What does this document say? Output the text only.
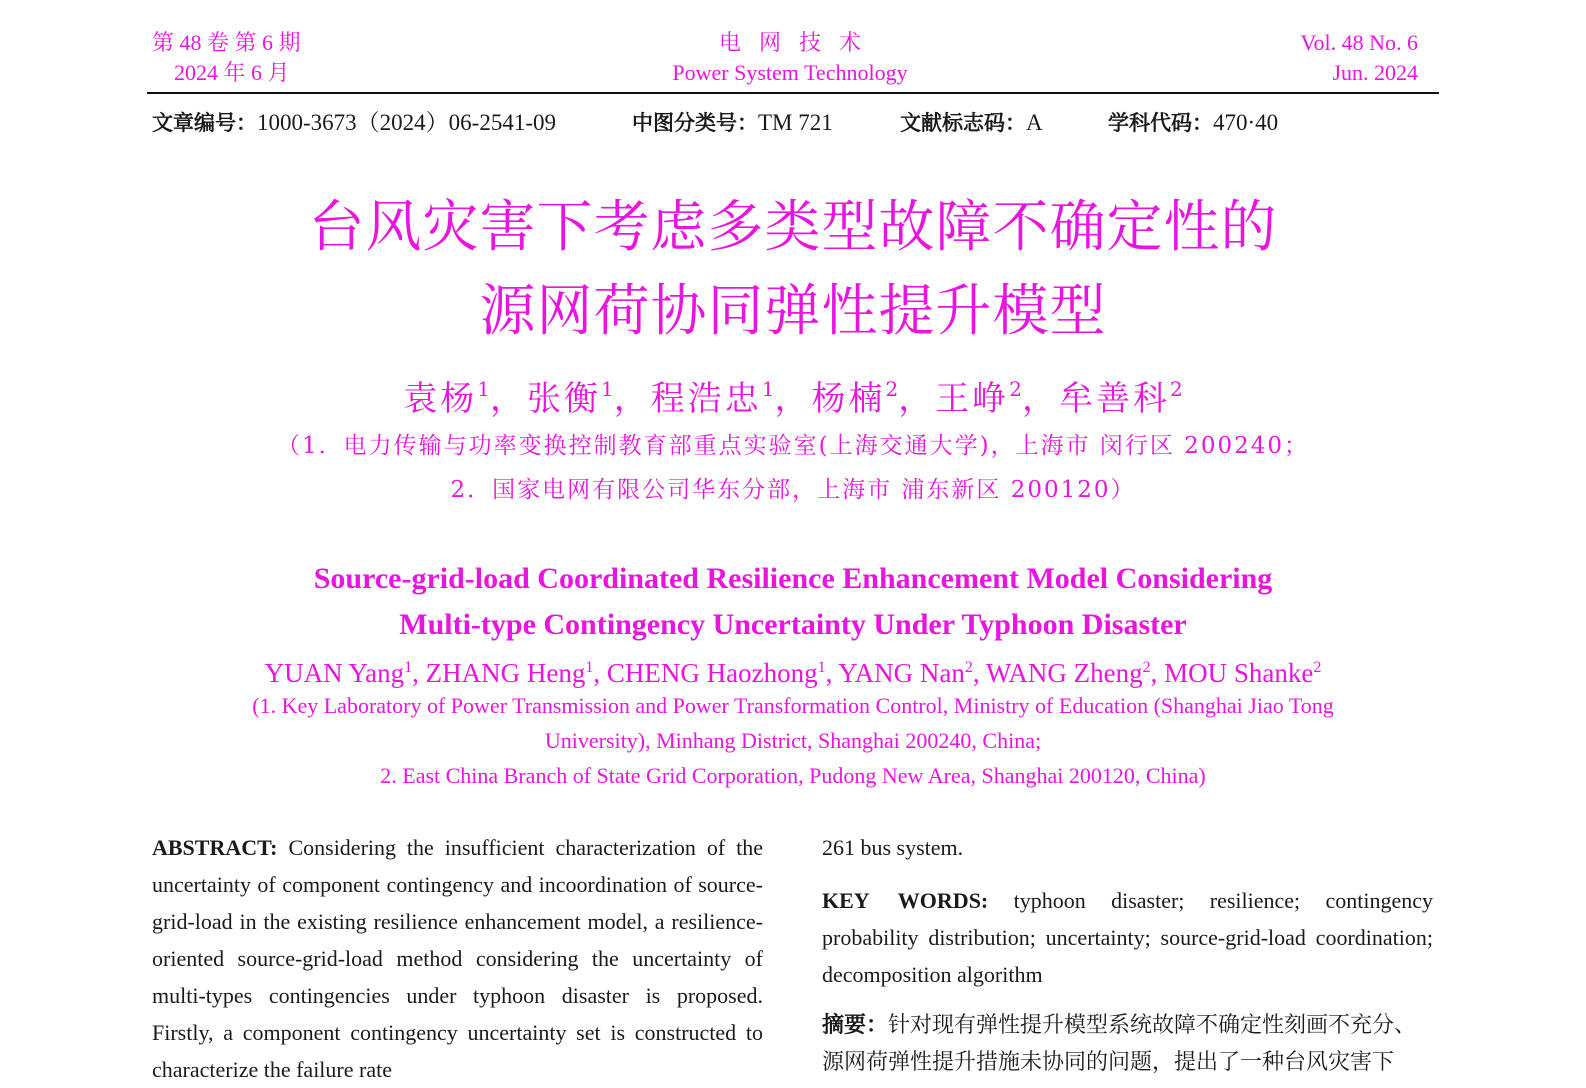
第 48 卷 第 6 期
2024 年 6 月
电网技术
Power System Technology
Vol. 48 No. 6
Jun. 2024
文章编号：1000-3673（2024）06-2541-09	中图分类号：TM 721	文献标志码：A	学科代码：470·40
台风灾害下考虑多类型故障不确定性的
源网荷协同弹性提升模型
袁杨$^1$，张衡$^1$，程浩忠$^1$，杨楠$^2$，王峥$^2$，牟善科$^2$
（1．电力传输与功率变换控制教育部重点实验室(上海交通大学)，上海市 闵行区 200240；
2．国家电网有限公司华东分部，上海市 浦东新区 200120）
Source-grid-load Coordinated Resilience Enhancement Model Considering
Multi-type Contingency Uncertainty Under Typhoon Disaster
YUAN Yang$^1$, ZHANG Heng$^1$, CHENG Haozhong$^1$, YANG Nan$^2$, WANG Zheng$^2$, MOU Shanke$^2$
(1. Key Laboratory of Power Transmission and Power Transformation Control, Ministry of Education (Shanghai Jiao Tong
University), Minhang District, Shanghai 200240, China;
2. East China Branch of State Grid Corporation, Pudong New Area, Shanghai 200120, China)
ABSTRACT: Considering the insufficient characterization of the uncertainty of component contingency and incoordination of source-grid-load in the existing resilience enhancement model, a resilience-oriented source-grid-load method considering the uncertainty of multi-types contingencies under typhoon disaster is proposed. Firstly, a component contingency uncertainty set is constructed to characterize the failure rate
261 bus system.
KEY WORDS: typhoon disaster; resilience; contingency probability distribution; uncertainty; source-grid-load coordination; decomposition algorithm
摘要：针对现有弹性提升模型系统故障不确定性刻画不充分、
源网荷弹性提升措施未协同的问题，提出了一种台风灾害下
